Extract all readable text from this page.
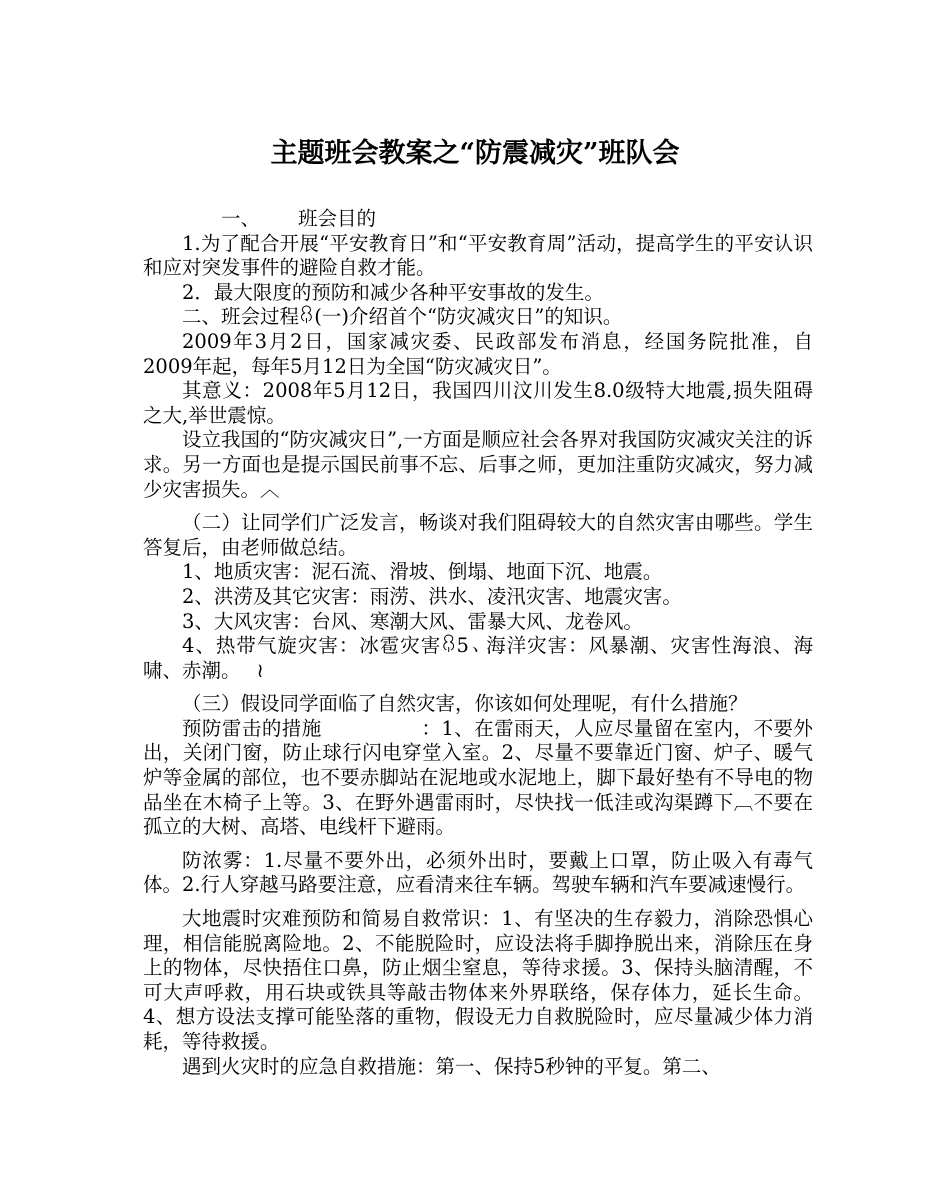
主题班会教案之“防震减灾”班队会
一、 班会目的

1.为了配合开展“平安教育日”和“平安教育周”活动，提高学生的平安认识和应对突发事件的避险自救才能。

2．最大限度的预防和减少各种平安事故的发生。

二、班会过程ꈔ(一)介绍首个“防灾减灾日”的知识。

2009年3月2日，国家减灾委、民政部发布消息，经国务院批准，自2009年起，每年5月12日为全国“防灾减灾日”。

其意义：2008年5月12日，我国四川汶川发生8.0级特大地震,损失阻碍之大,举世震惊。

设立我国的“防灾减灾日”,一方面是顺应社会各界对我国防灾减灾关注的诉求。另一方面也是提示国民前事不忘、后事之师，更加注重防灾减灾，努力减少灾害损失。︿

（二）让同学们广泛发言，畅谈对我们阻碍较大的自然灾害由哪些。学生答复后，由老师做总结。

1、地质灾害：泥石流、滑坡、倒塌、地面下沉、地震。

2、洪涝及其它灾害：雨涝、洪水、凌汛灾害、地震灾害。

3、大风灾害：台风、寒潮大风、雷暴大风、龙卷风。

4、热带气旋灾害：冰雹灾害ꈔ5、海洋灾害：风暴潮、灾害性海浪、海啸、赤潮。　 ≀

（三）假设同学面临了自然灾害，你该如何处理呢，有什么措施？

预防雷击的措施　　　　　：1、在雷雨天，人应尽量留在室内，不要外出，关闭门窗，防止球行闪电穿堂入室。2、尽量不要靠近门窗、炉子、暖气炉等金属的部位，也不要赤脚站在泥地或水泥地上，脚下最好垫有不导电的物品坐在木椅子上等。3、在野外遇雷雨时，尽快找一低洼或沟渠蹲下︹不要在孤立的大树、高塔、电线杆下避雨。

防浓雾：1.尽量不要外出，必须外出时，要戴上口罩，防止吸入有毒气体。2.行人穿越马路要注意，应看清来往车辆。驾驶车辆和汽车要减速慢行。

大地震时灾难预防和简易自救常识：1、有坚决的生存毅力，消除恐惧心理，相信能脱离险地。2、不能脱险时，应设法将手脚挣脱出来，消除压在身上的物体，尽快捂住口鼻，防止烟尘窒息，等待求援。3、保持头脑清醒，不可大声呼救，用石块或铁具等敲击物体来外界联络，保存体力，延长生命。4、想方设法支撑可能坠落的重物，假设无力自救脱险时，应尽量减少体力消耗，等待救援。

遇到火灾时的应急自救措施：第一、保持5秒钟的平复。第二、
